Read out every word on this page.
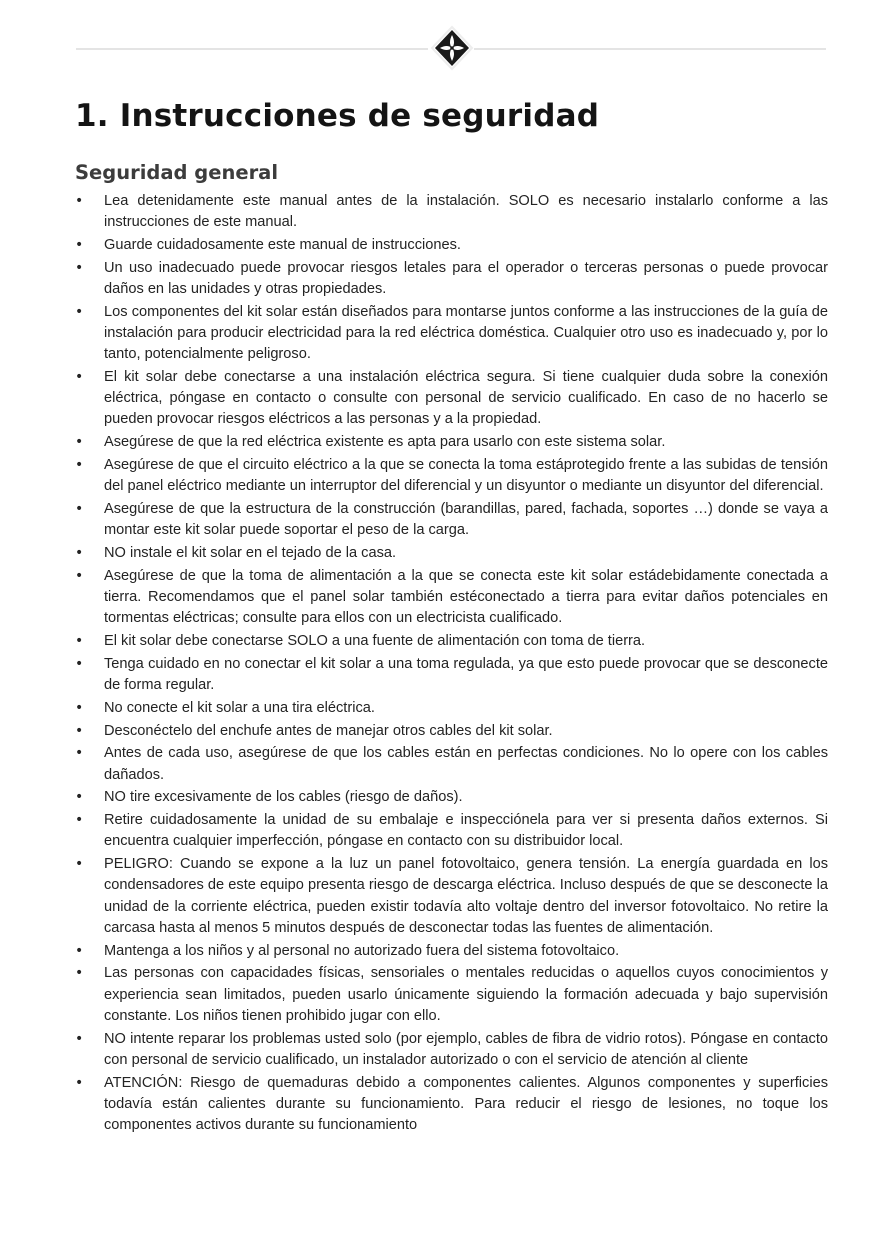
1. Instrucciones de seguridad
Seguridad general
• Lea detenidamente este manual antes de la instalación. SOLO es necesario instalarlo conforme a las instrucciones de este manual.
• Guarde cuidadosamente este manual de instrucciones.
• Un uso inadecuado puede provocar riesgos letales para el operador o terceras personas o puede provocar daños en las unidades y otras propiedades.
• Los componentes del kit solar están diseñados para montarse juntos conforme a las instrucciones de la guía de instalación para producir electricidad para la red eléctrica doméstica. Cualquier otro uso es inadecuado y, por lo tanto, potencialmente peligroso.
• El kit solar debe conectarse a una instalación eléctrica segura. Si tiene cualquier duda sobre la conexión eléctrica, póngase en contacto o consulte con personal de servicio cualificado. En caso de no hacerlo se pueden provocar riesgos eléctricos a las personas y a la propiedad.
• Asegúrese de que la red eléctrica existente es apta para usarlo con este sistema solar.
• Asegúrese de que el circuito eléctrico a la que se conecta la toma estáprotegido frente a las subidas de tensión del panel eléctrico mediante un interruptor del diferencial y un disyuntor o mediante un disyuntor del diferencial.
• Asegúrese de que la estructura de la construcción (barandillas, pared, fachada, soportes …) donde se vaya a montar este kit solar puede soportar el peso de la carga.
• NO instale el kit solar en el tejado de la casa.
• Asegúrese de que la toma de alimentación a la que se conecta este kit solar estádebidamente conectada a tierra. Recomendamos que el panel solar también estéconectado a tierra para evitar daños potenciales en tormentas eléctricas; consulte para ellos con un electricista cualificado.
• El kit solar debe conectarse SOLO a una fuente de alimentación con toma de tierra.
• Tenga cuidado en no conectar el kit solar a una toma regulada, ya que esto puede provocar que se desconecte de forma regular.
• No conecte el kit solar a una tira eléctrica.
• Desconéctelo del enchufe antes de manejar otros cables del kit solar.
• Antes de cada uso, asegúrese de que los cables están en perfectas condiciones. No lo opere con los cables dañados.
• NO tire excesivamente de los cables (riesgo de daños).
• Retire cuidadosamente la unidad de su embalaje e inspecciónela para ver si presenta daños externos. Si encuentra cualquier imperfección, póngase en contacto con su distribuidor local.
• PELIGRO: Cuando se expone a la luz un panel fotovoltaico, genera tensión. La energía guardada en los condensadores de este equipo presenta riesgo de descarga eléctrica. Incluso después de que se desconecte la unidad de la corriente eléctrica, pueden existir todavía alto voltaje dentro del inversor fotovoltaico. No retire la carcasa hasta al menos 5 minutos después de desconectar todas las fuentes de alimentación.
• Mantenga a los niños y al personal no autorizado fuera del sistema fotovoltaico.
• Las personas con capacidades físicas, sensoriales o mentales reducidas o aquellos cuyos conocimientos y experiencia sean limitados, pueden usarlo únicamente siguiendo la formación adecuada y bajo supervisión constante. Los niños tienen prohibido jugar con ello.
• NO intente reparar los problemas usted solo (por ejemplo, cables de fibra de vidrio rotos). Póngase en contacto con personal de servicio cualificado, un instalador autorizado o con el servicio de atención al cliente
• ATENCIÓN: Riesgo de quemaduras debido a componentes calientes. Algunos componentes y superficies todavía están calientes durante su funcionamiento. Para reducir el riesgo de lesiones, no toque los componentes activos durante su funcionamiento
